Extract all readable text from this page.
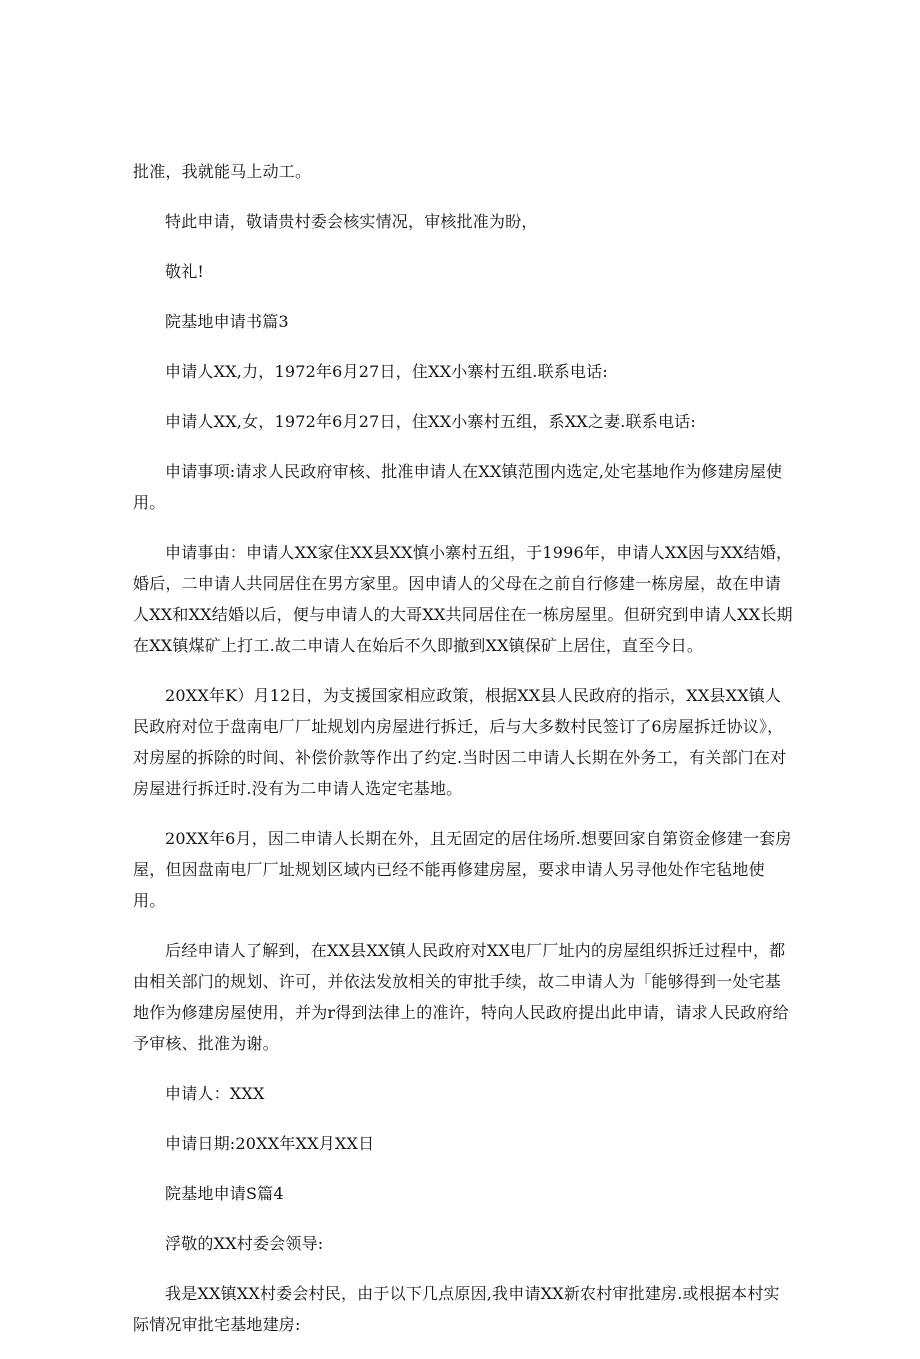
批准，我就能马上动工。

特此申请，敬请贵村委会核实情况，审核批准为盼，

敬礼!

院基地申请书篇3

申请人XX,力，1972年6月27日，住XX小寨村五组.联系电话:

申请人XX,女，1972年6月27日，住XX小寨村五组，系XX之妻.联系电话:

申请事项:请求人民政府审核、批准申请人在XX镇范围内选定,处宅基地作为修建房屋使用。

申请事由：申请人XX家住XX县XX慎小寨村五组，于1996年，申请人XX因与XX结婚，婚后，二申请人共同居住在男方家里。因申请人的父母在之前自行修建一栋房屋，故在申请人XX和XX结婚以后，便与申请人的大哥XX共同居住在一栋房屋里。但研究到申请人XX长期在XX镇煤矿上打工.故二申请人在始后不久即撤到XX镇保矿上居住，直至今日。

20XX年K）月12日，为支援国家相应政策，根据XX县人民政府的指示，XX县XX镇人民政府对位于盘南电厂厂址规划内房屋进行拆迁，后与大多数村民签订了6房屋拆迁协议》，对房屋的拆除的时间、补偿价款等作出了约定.当时因二申请人长期在外务工，有关部门在对房屋进行拆迁时.没有为二申请人选定宅基地。

20XX年6月，因二申请人长期在外，且无固定的居住场所.想要回家自第资金修建一套房屋，但因盘南电厂厂址规划区域内已经不能再修建房屋，要求申请人另寻他处作宅毡地使用。

后经申请人了解到，在XX县XX镇人民政府对XX电厂厂址内的房屋组织拆迁过程中，都由相关部门的规划、许可，并依法发放相关的审批手续，故二申请人为「能够得到一处宅基地作为修建房屋使用，并为r得到法律上的准许，特向人民政府提出此申请，请求人民政府给予审核、批准为谢。

申请人：XXX

申请日期:20XX年XX月XX日

院基地申请S篇4

浮敬的XX村委会领导:

我是XX镇XX村委会村民，由于以下几点原因,我申请XX新农村审批建房.或根据本村实际情况审批宅基地建房:
